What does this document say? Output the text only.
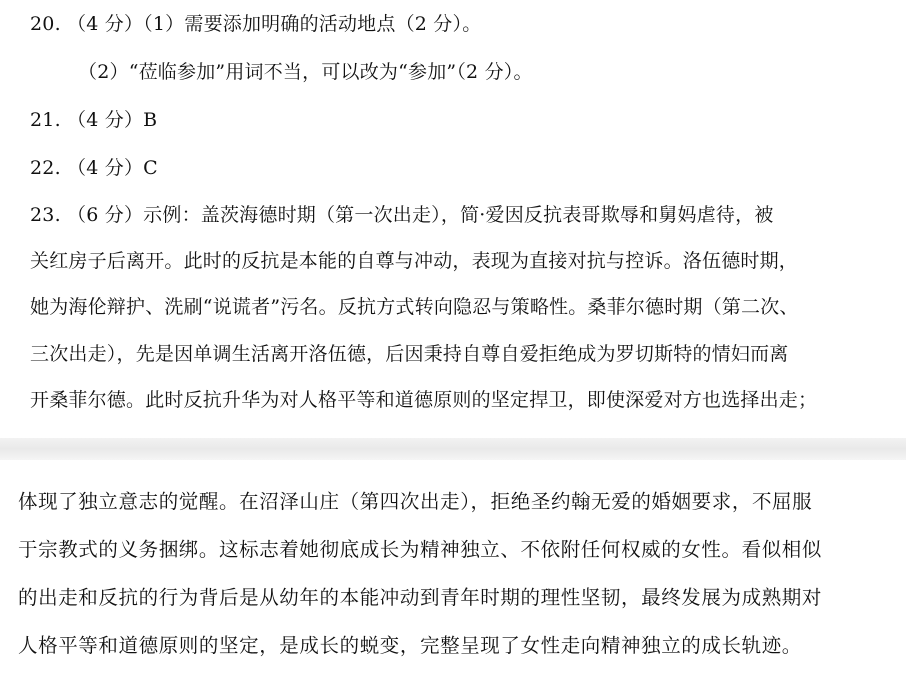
20. （4 分）（1）需要添加明确的活动地点（2 分）。
（2）“莅临参加”用词不当，可以改为“参加”（2 分）。
21. （4 分）B
22. （4 分）C
23. （6 分）示例：盖茨海德时期（第一次出走），简·爱因反抗表哥欺辱和舅妈虐待，被
关红房子后离开。此时的反抗是本能的自尊与冲动，表现为直接对抗与控诉。洛伍德时期，
她为海伦辩护、洗刷“说谎者”污名。反抗方式转向隐忍与策略性。桑菲尔德时期（第二次、
三次出走），先是因单调生活离开洛伍德，后因秉持自尊自爱拒绝成为罗切斯特的情妇而离
开桑菲尔德。此时反抗升华为对人格平等和道德原则的坚定捍卫，即使深爱对方也选择出走；
体现了独立意志的觉醒。在沼泽山庄（第四次出走），拒绝圣约翰无爱的婚姻要求，不屈服
于宗教式的义务捆绑。这标志着她彻底成长为精神独立、不依附任何权威的女性。看似相似
的出走和反抗的行为背后是从幼年的本能冲动到青年时期的理性坚韧，最终发展为成熟期对
人格平等和道德原则的坚定，是成长的蜕变，完整呈现了女性走向精神独立的成长轨迹。
